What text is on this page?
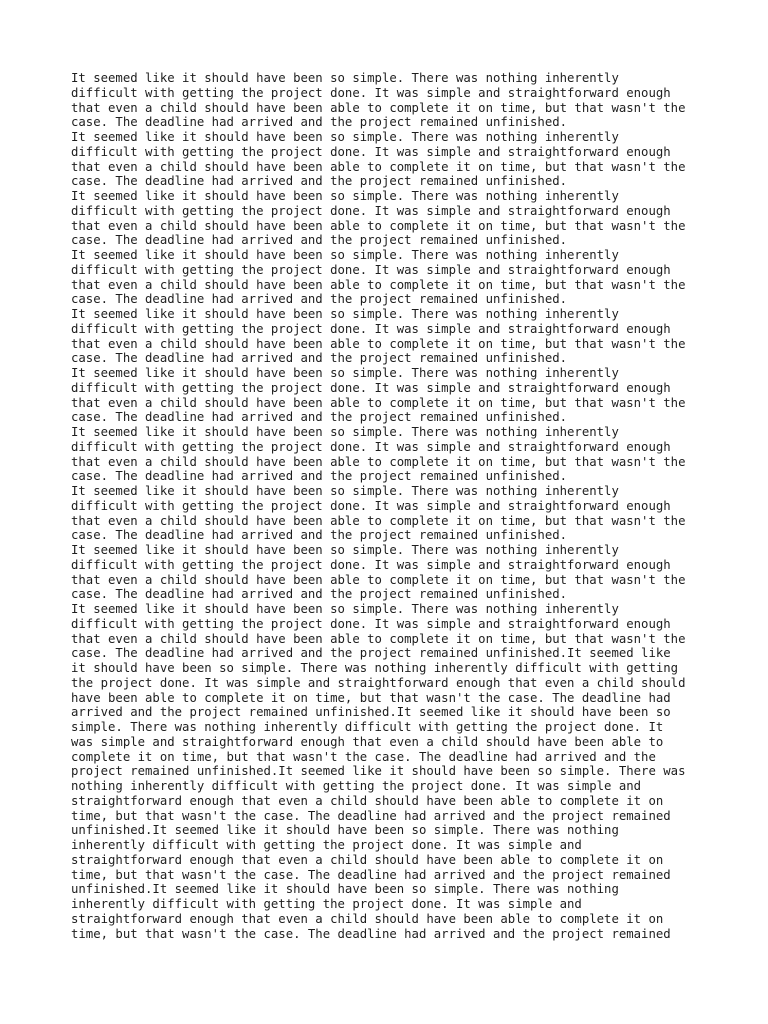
It seemed like it should have been so simple. There was nothing inherently
difficult with getting the project done. It was simple and straightforward enough
that even a child should have been able to complete it on time, but that wasn't the
case. The deadline had arrived and the project remained unfinished.
It seemed like it should have been so simple. There was nothing inherently
difficult with getting the project done. It was simple and straightforward enough
that even a child should have been able to complete it on time, but that wasn't the
case. The deadline had arrived and the project remained unfinished.
It seemed like it should have been so simple. There was nothing inherently
difficult with getting the project done. It was simple and straightforward enough
that even a child should have been able to complete it on time, but that wasn't the
case. The deadline had arrived and the project remained unfinished.
It seemed like it should have been so simple. There was nothing inherently
difficult with getting the project done. It was simple and straightforward enough
that even a child should have been able to complete it on time, but that wasn't the
case. The deadline had arrived and the project remained unfinished.
It seemed like it should have been so simple. There was nothing inherently
difficult with getting the project done. It was simple and straightforward enough
that even a child should have been able to complete it on time, but that wasn't the
case. The deadline had arrived and the project remained unfinished.
It seemed like it should have been so simple. There was nothing inherently
difficult with getting the project done. It was simple and straightforward enough
that even a child should have been able to complete it on time, but that wasn't the
case. The deadline had arrived and the project remained unfinished.
It seemed like it should have been so simple. There was nothing inherently
difficult with getting the project done. It was simple and straightforward enough
that even a child should have been able to complete it on time, but that wasn't the
case. The deadline had arrived and the project remained unfinished.
It seemed like it should have been so simple. There was nothing inherently
difficult with getting the project done. It was simple and straightforward enough
that even a child should have been able to complete it on time, but that wasn't the
case. The deadline had arrived and the project remained unfinished.
It seemed like it should have been so simple. There was nothing inherently
difficult with getting the project done. It was simple and straightforward enough
that even a child should have been able to complete it on time, but that wasn't the
case. The deadline had arrived and the project remained unfinished.
It seemed like it should have been so simple. There was nothing inherently
difficult with getting the project done. It was simple and straightforward enough
that even a child should have been able to complete it on time, but that wasn't the
case. The deadline had arrived and the project remained unfinished.It seemed like
it should have been so simple. There was nothing inherently difficult with getting
the project done. It was simple and straightforward enough that even a child should
have been able to complete it on time, but that wasn't the case. The deadline had
arrived and the project remained unfinished.It seemed like it should have been so
simple. There was nothing inherently difficult with getting the project done. It
was simple and straightforward enough that even a child should have been able to
complete it on time, but that wasn't the case. The deadline had arrived and the
project remained unfinished.It seemed like it should have been so simple. There was
nothing inherently difficult with getting the project done. It was simple and
straightforward enough that even a child should have been able to complete it on
time, but that wasn't the case. The deadline had arrived and the project remained
unfinished.It seemed like it should have been so simple. There was nothing
inherently difficult with getting the project done. It was simple and
straightforward enough that even a child should have been able to complete it on
time, but that wasn't the case. The deadline had arrived and the project remained
unfinished.It seemed like it should have been so simple. There was nothing
inherently difficult with getting the project done. It was simple and
straightforward enough that even a child should have been able to complete it on
time, but that wasn't the case. The deadline had arrived and the project remained
